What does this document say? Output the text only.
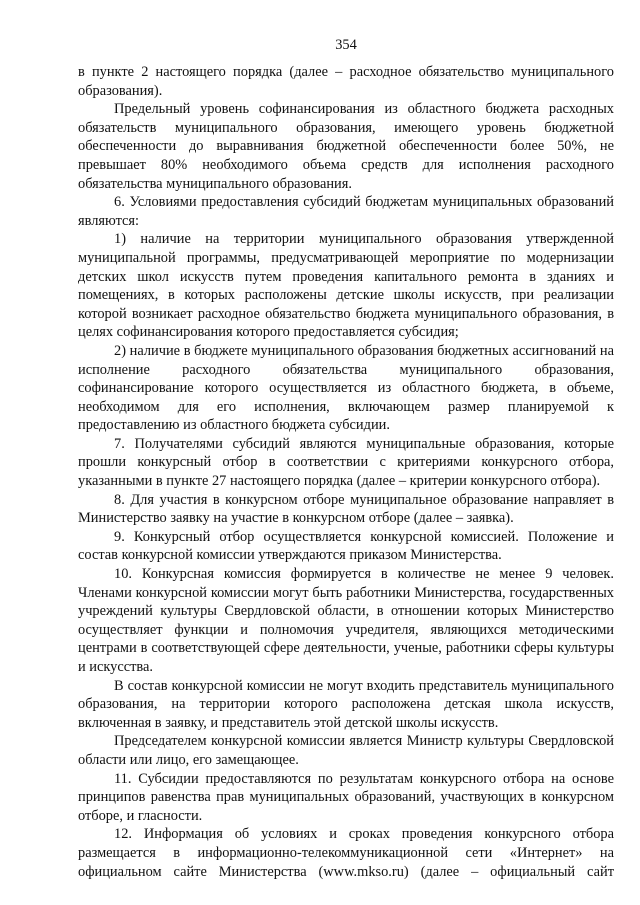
354

в пункте 2 настоящего порядка (далее – расходное обязательство муниципального образования).

Предельный уровень софинансирования из областного бюджета расходных обязательств муниципального образования, имеющего уровень бюджетной обеспеченности до выравнивания бюджетной обеспеченности более 50%, не превышает 80% необходимого объема средств для исполнения расходного обязательства муниципального образования.

6. Условиями предоставления субсидий бюджетам муниципальных образований являются:

1) наличие на территории муниципального образования утвержденной муниципальной программы, предусматривающей мероприятие по модернизации детских школ искусств путем проведения капитального ремонта в зданиях и помещениях, в которых расположены детские школы искусств, при реализации которой возникает расходное обязательство бюджета муниципального образования, в целях софинансирования которого предоставляется субсидия;

2) наличие в бюджете муниципального образования бюджетных ассигнований на исполнение расходного обязательства муниципального образования, софинансирование которого осуществляется из областного бюджета, в объеме, необходимом для его исполнения, включающем размер планируемой к предоставлению из областного бюджета субсидии.

7. Получателями субсидий являются муниципальные образования, которые прошли конкурсный отбор в соответствии с критериями конкурсного отбора, указанными в пункте 27 настоящего порядка (далее – критерии конкурсного отбора).

8. Для участия в конкурсном отборе муниципальное образование направляет в Министерство заявку на участие в конкурсном отборе (далее – заявка).

9. Конкурсный отбор осуществляется конкурсной комиссией. Положение и состав конкурсной комиссии утверждаются приказом Министерства.

10. Конкурсная комиссия формируется в количестве не менее 9 человек. Членами конкурсной комиссии могут быть работники Министерства, государственных учреждений культуры Свердловской области, в отношении которых Министерство осуществляет функции и полномочия учредителя, являющихся методическими центрами в соответствующей сфере деятельности, ученые, работники сферы культуры и искусства.

В состав конкурсной комиссии не могут входить представитель муниципального образования, на территории которого расположена детская школа искусств, включенная в заявку, и представитель этой детской школы искусств.

Председателем конкурсной комиссии является Министр культуры Свердловской области или лицо, его замещающее.

11. Субсидии предоставляются по результатам конкурсного отбора на основе принципов равенства прав муниципальных образований, участвующих в конкурсном отборе, и гласности.

12. Информация об условиях и сроках проведения конкурсного отбора размещается в информационно-телекоммуникационной сети «Интернет» на официальном сайте Министерства (www.mkso.ru) (далее – официальный сайт
